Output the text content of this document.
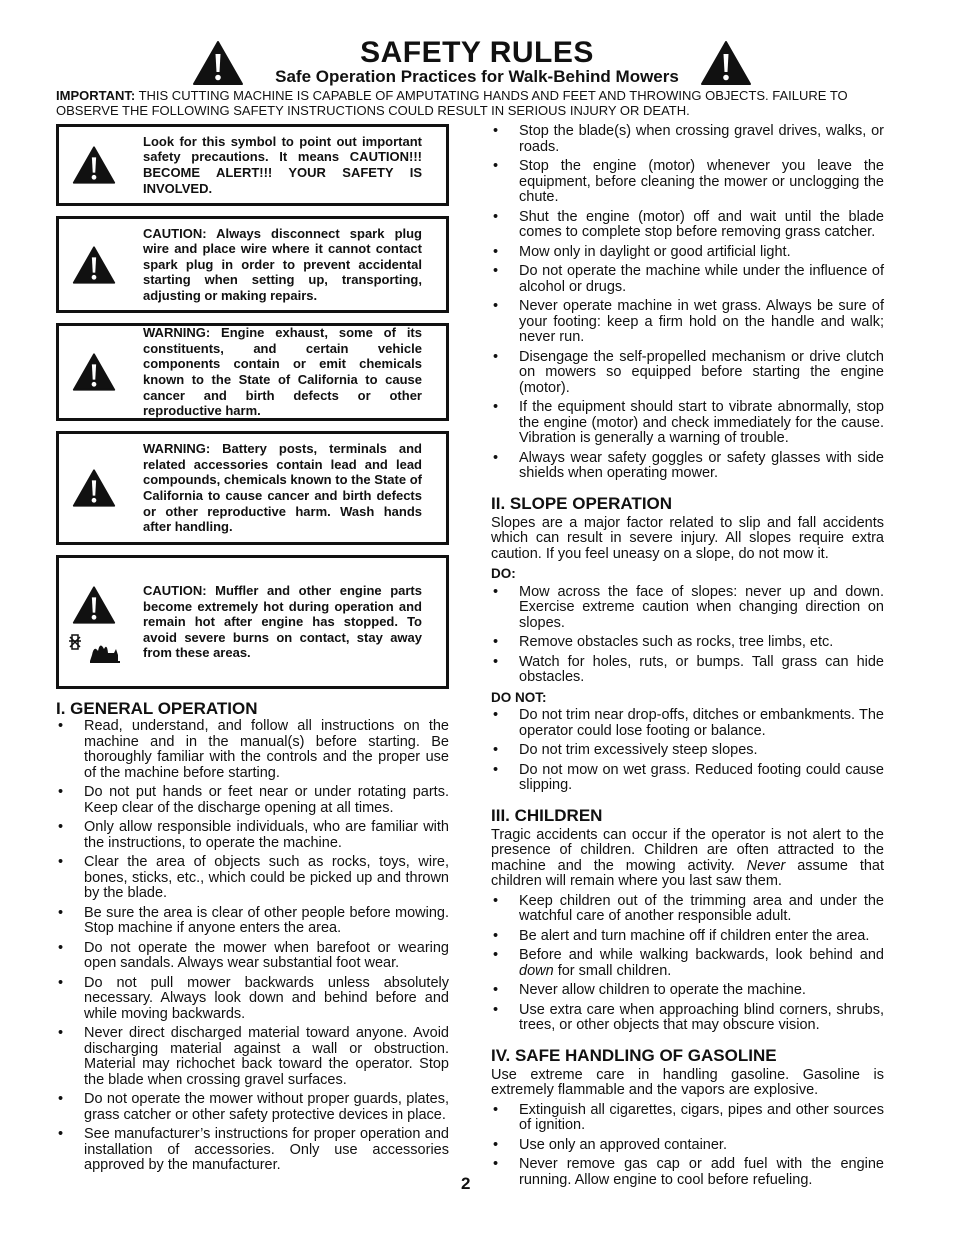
SAFETY RULES
Safe Operation Practices for Walk-Behind Mowers
IMPORTANT: THIS CUTTING MACHINE IS CAPABLE OF AMPUTATING HANDS AND FEET AND THROWING OBJECTS. FAILURE TO OBSERVE THE FOLLOWING SAFETY INSTRUCTIONS COULD RESULT IN SERIOUS INJURY OR DEATH.
Look for this symbol to point out important safety precautions. It means CAUTION!!! BECOME ALERT!!! YOUR SAFETY IS INVOLVED.
CAUTION: Always disconnect spark plug wire and place wire where it cannot contact spark plug in order to prevent accidental starting when setting up, transporting, adjusting or making repairs.
WARNING: Engine exhaust, some of its constituents, and certain vehicle components contain or emit chemicals known to the State of California to cause cancer and birth defects or other reproductive harm.
WARNING: Battery posts, terminals and related accessories contain lead and lead compounds, chemicals known to the State of California to cause cancer and birth defects or other reproductive harm. Wash hands after handling.
CAUTION: Muffler and other engine parts become extremely hot during operation and remain hot after engine has stopped. To avoid severe burns on contact, stay away from these areas.
I. GENERAL OPERATION
• Read, understand, and follow all instructions on the machine and in the manual(s) before starting. Be thoroughly familiar with the controls and the proper use of the machine before starting.
• Do not put hands or feet near or under rotating parts. Keep clear of the discharge opening at all times.
• Only allow responsible individuals, who are familiar with the instructions, to operate the machine.
• Clear the area of objects such as rocks, toys, wire, bones, sticks, etc., which could be picked up and thrown by the blade.
• Be sure the area is clear of other people before mowing. Stop machine if anyone enters the area.
• Do not operate the mower when barefoot or wearing open sandals. Always wear substantial foot wear.
• Do not pull mower backwards unless absolutely necessary. Always look down and behind before and while moving backwards.
• Never direct discharged material toward anyone. Avoid discharging material against a wall or obstruction. Material may richochet back toward the operator. Stop the blade when crossing gravel surfaces.
• Do not operate the mower without proper guards, plates, grass catcher or other safety protective devices in place.
• See manufacturer’s instructions for proper operation and installation of accessories. Only use accessories approved by the manufacturer.
• Stop the blade(s) when crossing gravel drives, walks, or roads.
• Stop the engine (motor) whenever you leave the equipment, before cleaning the mower or unclogging the chute.
• Shut the engine (motor) off and wait until the blade comes to complete stop before removing grass catcher.
• Mow only in daylight or good artificial light.
• Do not operate the machine while under the influence of alcohol or drugs.
• Never operate machine in wet grass. Always be sure of your footing: keep a firm hold on the handle and walk; never run.
• Disengage the self-propelled mechanism or drive clutch on mowers so equipped before starting the engine (motor).
• If the equipment should start to vibrate abnormally, stop the engine (motor) and check immediately for the cause. Vibration is generally a warning of trouble.
• Always wear safety goggles or safety glasses with side shields when operating mower.
II. SLOPE OPERATION
Slopes are a major factor related to slip and fall accidents which can result in severe injury. All slopes require extra caution. If you feel uneasy on a slope, do not mow it.
DO:
• Mow across the face of slopes: never up and down. Exercise extreme caution when changing direction on slopes.
• Remove obstacles such as rocks, tree limbs, etc.
• Watch for holes, ruts, or bumps. Tall grass can hide obstacles.
DO NOT:
• Do not trim near drop-offs, ditches or embankments. The operator could lose footing or balance.
• Do not trim excessively steep slopes.
• Do not mow on wet grass. Reduced footing could cause slipping.
III. CHILDREN
Tragic accidents can occur if the operator is not alert to the presence of children. Children are often attracted to the machine and the mowing activity. Never assume that children will remain where you last saw them.
• Keep children out of the trimming area and under the watchful care of another responsible adult.
• Be alert and turn machine off if children enter the area.
• Before and while walking backwards, look behind and down for small children.
• Never allow children to operate the machine.
• Use extra care when approaching blind corners, shrubs, trees, or other objects that may obscure vision.
IV. SAFE HANDLING OF GASOLINE
Use extreme care in handling gasoline. Gasoline is extremely flammable and the vapors are explosive.
• Extinguish all cigarettes, cigars, pipes and other sources of ignition.
• Use only an approved container.
• Never remove gas cap or add fuel with the engine running. Allow engine to cool before refueling.
2
